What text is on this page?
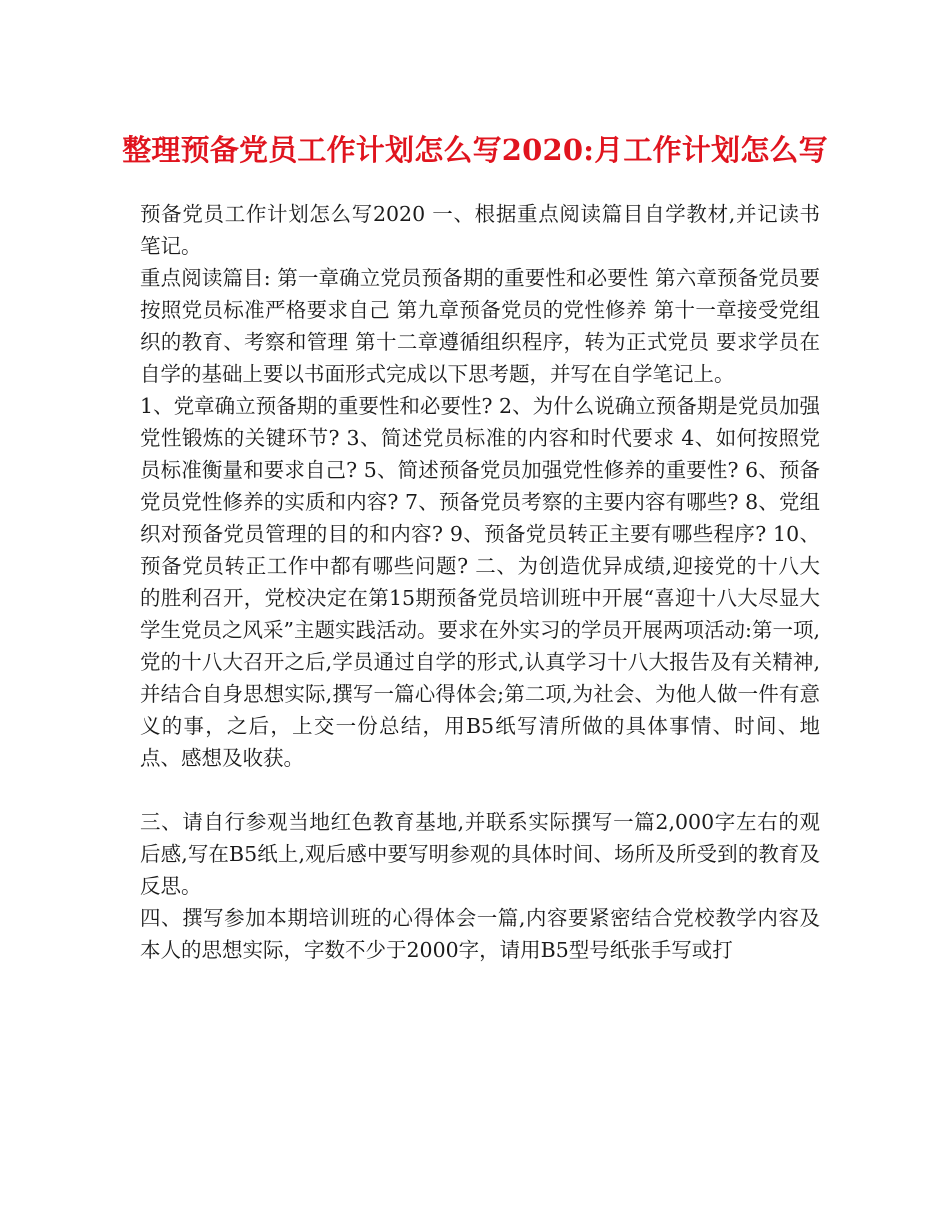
整理预备党员工作计划怎么写2020:月工作计划怎么写

预备党员工作计划怎么写2020 一、根据重点阅读篇目自学教材,并记读书笔记。

重点阅读篇目: 第一章确立党员预备期的重要性和必要性 第六章预备党员要按照党员标准严格要求自己 第九章预备党员的党性修养 第十一章接受党组织的教育、考察和管理 第十二章遵循组织程序，转为正式党员 要求学员在自学的基础上要以书面形式完成以下思考题，并写在自学笔记上。

1、党章确立预备期的重要性和必要性? 2、为什么说确立预备期是党员加强党性锻炼的关键环节? 3、简述党员标准的内容和时代要求 4、如何按照党员标准衡量和要求自己? 5、简述预备党员加强党性修养的重要性? 6、预备党员党性修养的实质和内容? 7、预备党员考察的主要内容有哪些? 8、党组织对预备党员管理的目的和内容? 9、预备党员转正主要有哪些程序? 10、预备党员转正工作中都有哪些问题? 二、为创造优异成绩,迎接党的十八大的胜利召开，党校决定在第15期预备党员培训班中开展“喜迎十八大尽显大学生党员之风采”主题实践活动。要求在外实习的学员开展两项活动:第一项,党的十八大召开之后,学员通过自学的形式,认真学习十八大报告及有关精神,并结合自身思想实际,撰写一篇心得体会;第二项,为社会、为他人做一件有意义的事，之后，上交一份总结，用B5纸写清所做的具体事情、时间、地点、感想及收获。

三、请自行参观当地红色教育基地,并联系实际撰写一篇2,000字左右的观后感,写在B5纸上,观后感中要写明参观的具体时间、场所及所受到的教育及反思。

四、撰写参加本期培训班的心得体会一篇,内容要紧密结合党校教学内容及本人的思想实际，字数不少于2000字，请用B5型号纸张手写或打
